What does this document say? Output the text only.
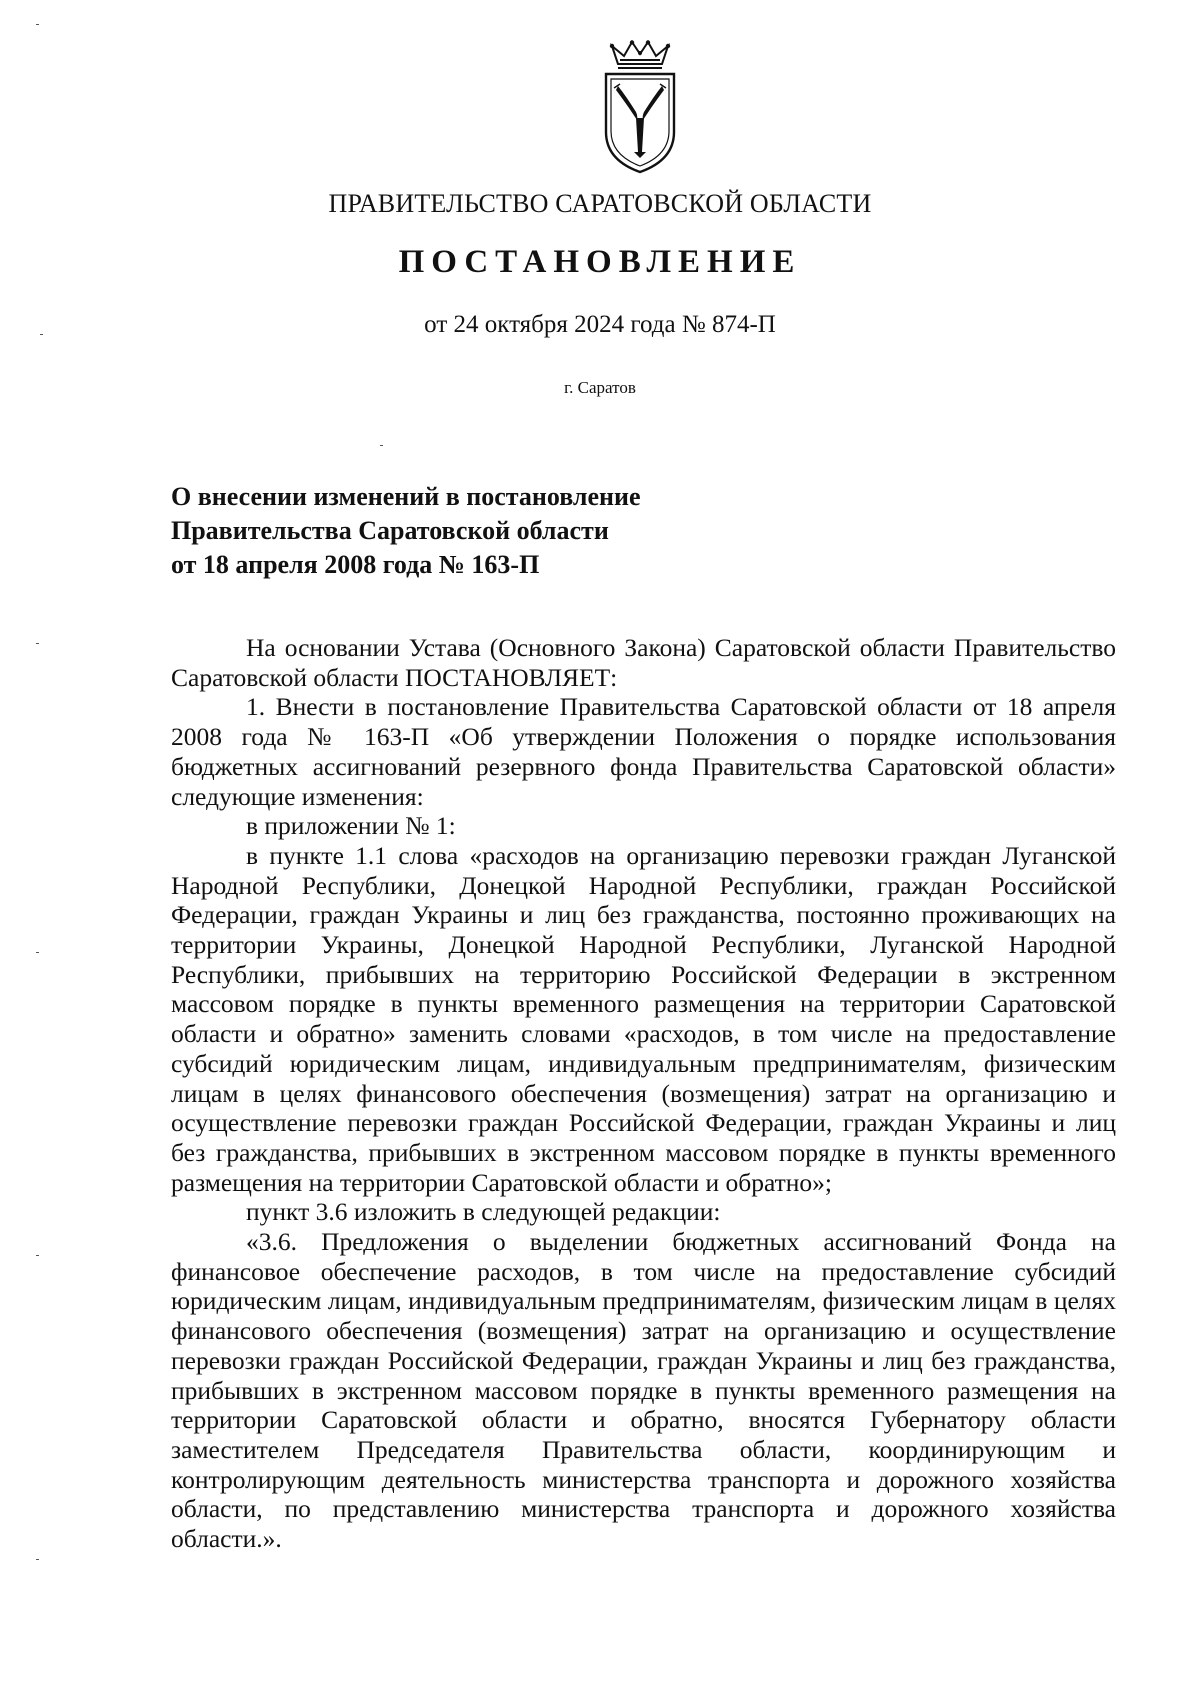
ПРАВИТЕЛЬСТВО САРАТОВСКОЙ ОБЛАСТИ
ПОСТАНОВЛЕНИЕ
от 24 октября 2024 года № 874-П
г. Саратов
О внесении изменений в постановление
Правительства Саратовской области
от 18 апреля 2008 года № 163-П

На основании Устава (Основного Закона) Саратовской области Правительство Саратовской области ПОСТАНОВЛЯЕТ:

1. Внести в постановление Правительства Саратовской области от 18 апреля 2008 года № 163-П «Об утверждении Положения о порядке использования бюджетных ассигнований резервного фонда Правительства Саратовской области» следующие изменения:

в приложении № 1:

в пункте 1.1 слова «расходов на организацию перевозки граждан Луганской Народной Республики, Донецкой Народной Республики, граждан Российской Федерации, граждан Украины и лиц без гражданства, постоянно проживающих на территории Украины, Донецкой Народной Республики, Луганской Народной Республики, прибывших на территорию Российской Федерации в экстренном массовом порядке в пункты временного размещения на территории Саратовской области и обратно» заменить словами «расходов, в том числе на предоставление субсидий юридическим лицам, индивидуальным предпринимателям, физическим лицам в целях финансового обеспечения (возмещения) затрат на организацию и осуществление перевозки граждан Российской Федерации, граждан Украины и лиц без гражданства, прибывших в экстренном массовом порядке в пункты временного размещения на территории Саратовской области и обратно»;

пункт 3.6 изложить в следующей редакции:

«3.6. Предложения о выделении бюджетных ассигнований Фонда на финансовое обеспечение расходов, в том числе на предоставление субсидий юридическим лицам, индивидуальным предпринимателям, физическим лицам в целях финансового обеспечения (возмещения) затрат на организацию и осуществление перевозки граждан Российской Федерации, граждан Украины и лиц без гражданства, прибывших в экстренном массовом порядке в пункты временного размещения на территории Саратовской области и обратно, вносятся Губернатору области заместителем Председателя Правительства области, координирующим и контролирующим деятельность министерства транспорта и дорожного хозяйства области, по представлению министерства транспорта и дорожного хозяйства области.».
